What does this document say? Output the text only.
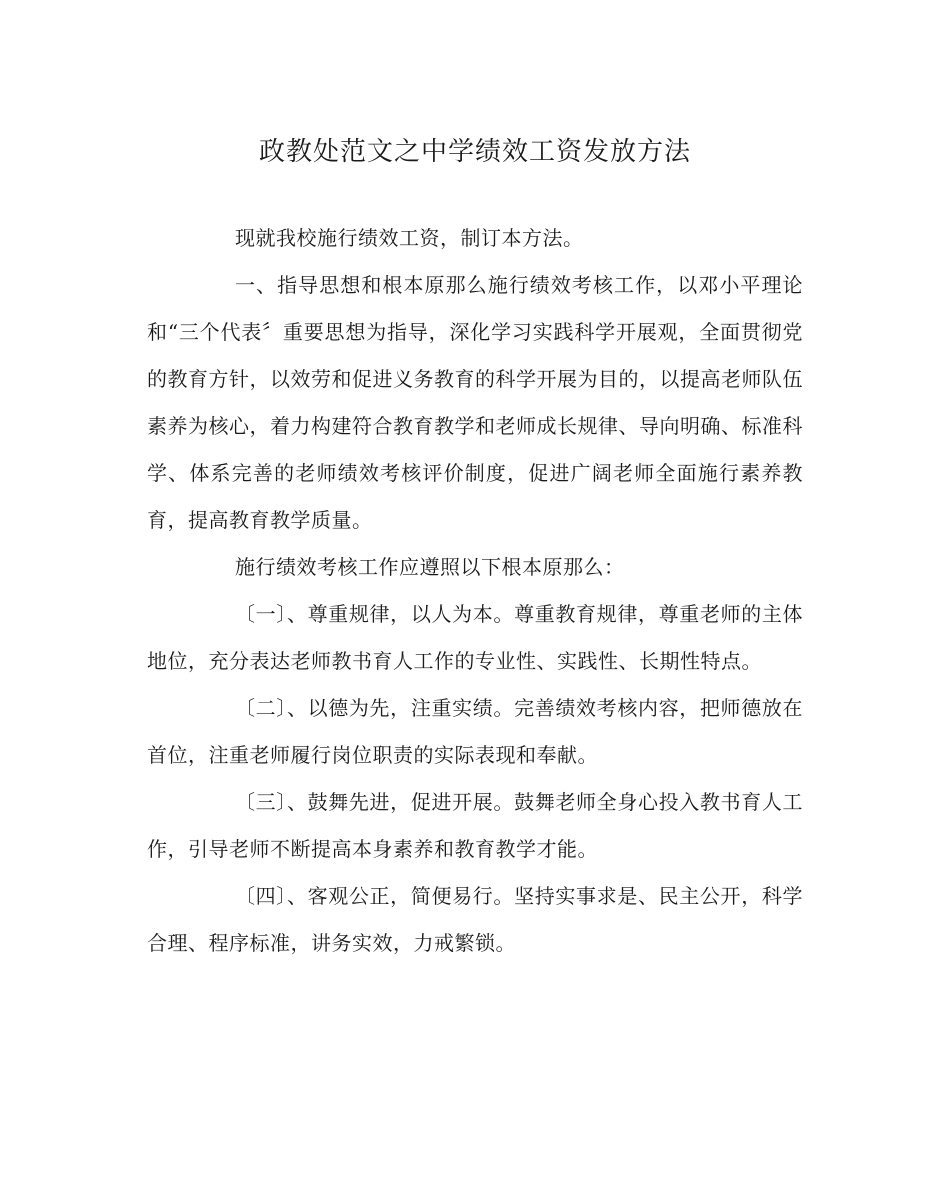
政教处范文之中学绩效工资发放方法

现就我校施行绩效工资，制订本方法。

一、指导思想和根本原那么施行绩效考核工作，以邓小平理论和“三个代表〞重要思想为指导，深化学习实践科学开展观，全面贯彻党的教育方针，以效劳和促进义务教育的科学开展为目的，以提高老师队伍素养为核心，着力构建符合教育教学和老师成长规律、导向明确、标准科学、体系完善的老师绩效考核评价制度，促进广阔老师全面施行素养教育，提高教育教学质量。

施行绩效考核工作应遵照以下根本原那么：

〔一〕、尊重规律，以人为本。尊重教育规律，尊重老师的主体地位，充分表达老师教书育人工作的专业性、实践性、长期性特点。

〔二〕、以德为先，注重实绩。完善绩效考核内容，把师德放在首位，注重老师履行岗位职责的实际表现和奉献。

〔三〕、鼓舞先进，促进开展。鼓舞老师全身心投入教书育人工作，引导老师不断提高本身素养和教育教学才能。

〔四〕、客观公正，简便易行。坚持实事求是、民主公开，科学合理、程序标准，讲务实效，力戒繁锁。
